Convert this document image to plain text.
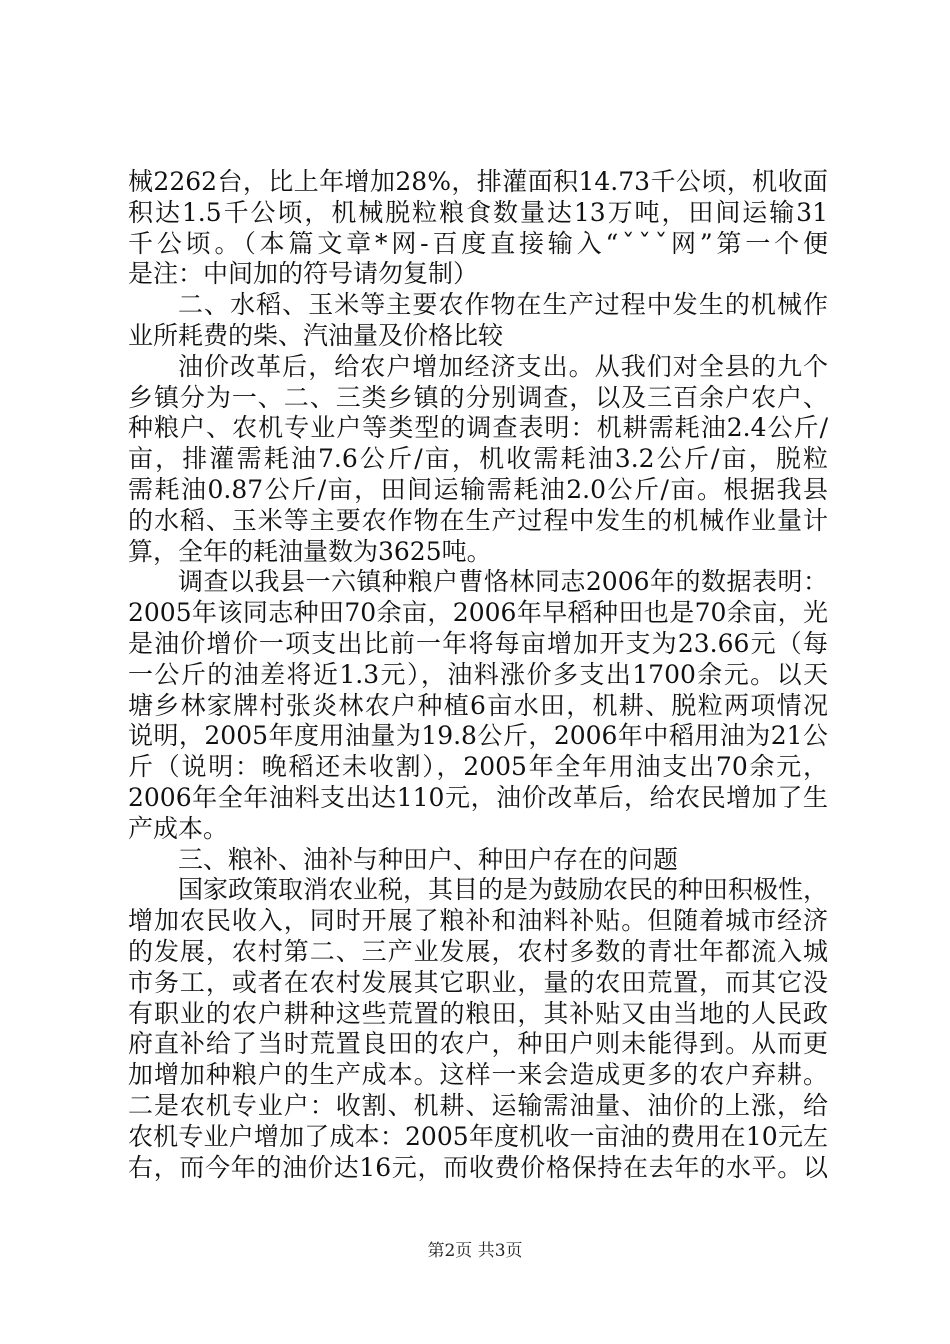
械2262台，比上年增加28%，排灌面积14.73千公顷，机收面
积达1.5千公顷，机械脱粒粮食数量达13万吨，田间运输31
千公顷。（本篇文章*网-百度直接输入“ˇˇˇ网”第一个便
是注：中间加的符号请勿复制）
二、水稻、玉米等主要农作物在生产过程中发生的机械作
业所耗费的柴、汽油量及价格比较
油价改革后，给农户增加经济支出。从我们对全县的九个
乡镇分为一、二、三类乡镇的分别调查，以及三百余户农户、
种粮户、农机专业户等类型的调查表明：机耕需耗油2.4公斤/
亩，排灌需耗油7.6公斤/亩，机收需耗油3.2公斤/亩，脱粒
需耗油0.87公斤/亩，田间运输需耗油2.0公斤/亩。根据我县
的水稻、玉米等主要农作物在生产过程中发生的机械作业量计
算，全年的耗油量数为3625吨。
调查以我县一六镇种粮户曹恪林同志2006年的数据表明：
2005年该同志种田70余亩，2006年早稻种田也是70余亩，光
是油价增价一项支出比前一年将每亩增加开支为23.66元（每
一公斤的油差将近1.3元），油料涨价多支出1700余元。以天
塘乡林家牌村张炎林农户种植6亩水田，机耕、脱粒两项情况
说明，2005年度用油量为19.8公斤，2006年中稻用油为21公
斤（说明：晚稻还未收割），2005年全年用油支出70余元，
2006年全年油料支出达110元，油价改革后，给农民增加了生
产成本。
三、粮补、油补与种田户、种田户存在的问题
国家政策取消农业税，其目的是为鼓励农民的种田积极性，
增加农民收入，同时开展了粮补和油料补贴。但随着城市经济
的发展，农村第二、三产业发展，农村多数的青壮年都流入城
市务工，或者在农村发展其它职业，量的农田荒置，而其它没
有职业的农户耕种这些荒置的粮田，其补贴又由当地的人民政
府直补给了当时荒置良田的农户，种田户则未能得到。从而更
加增加种粮户的生产成本。这样一来会造成更多的农户弃耕。
二是农机专业户：收割、机耕、运输需油量、油价的上涨，给
农机专业户增加了成本：2005年度机收一亩油的费用在10元左
右，而今年的油价达16元，而收费价格保持在去年的水平。以
第2页 共3页
